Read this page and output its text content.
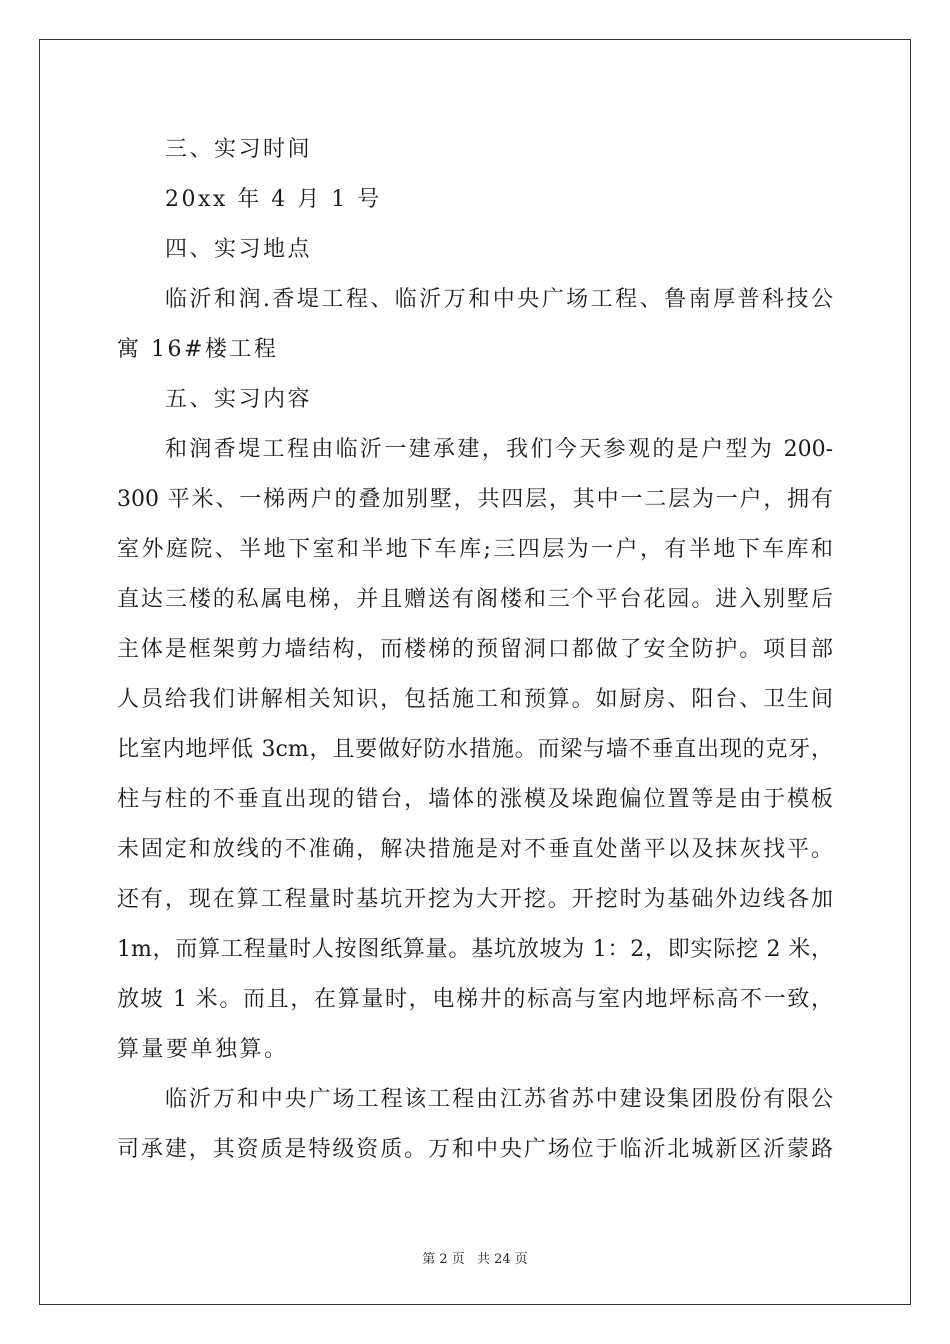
三、实习时间
20xx 年 4 月 1 号
四、实习地点
临沂和润.香堤工程、临沂万和中央广场工程、鲁南厚普科技公
寓 16#楼工程
五、实习内容
和润香堤工程由临沂一建承建，我们今天参观的是户型为 200-
300 平米、一梯两户的叠加别墅，共四层，其中一二层为一户，拥有
室外庭院、半地下室和半地下车库;三四层为一户，有半地下车库和
直达三楼的私属电梯，并且赠送有阁楼和三个平台花园。进入别墅后
主体是框架剪力墙结构，而楼梯的预留洞口都做了安全防护。项目部
人员给我们讲解相关知识，包括施工和预算。如厨房、阳台、卫生间
比室内地坪低 3cm，且要做好防水措施。而梁与墙不垂直出现的克牙，
柱与柱的不垂直出现的错台，墙体的涨模及垛跑偏位置等是由于模板
未固定和放线的不准确，解决措施是对不垂直处凿平以及抹灰找平。
还有，现在算工程量时基坑开挖为大开挖。开挖时为基础外边线各加
1m，而算工程量时人按图纸算量。基坑放坡为 1：2，即实际挖 2 米，
放坡 1 米。而且，在算量时，电梯井的标高与室内地坪标高不一致，
算量要单独算。
临沂万和中央广场工程该工程由江苏省苏中建设集团股份有限公
司承建，其资质是特级资质。万和中央广场位于临沂北城新区沂蒙路
第 2 页 共 24 页
